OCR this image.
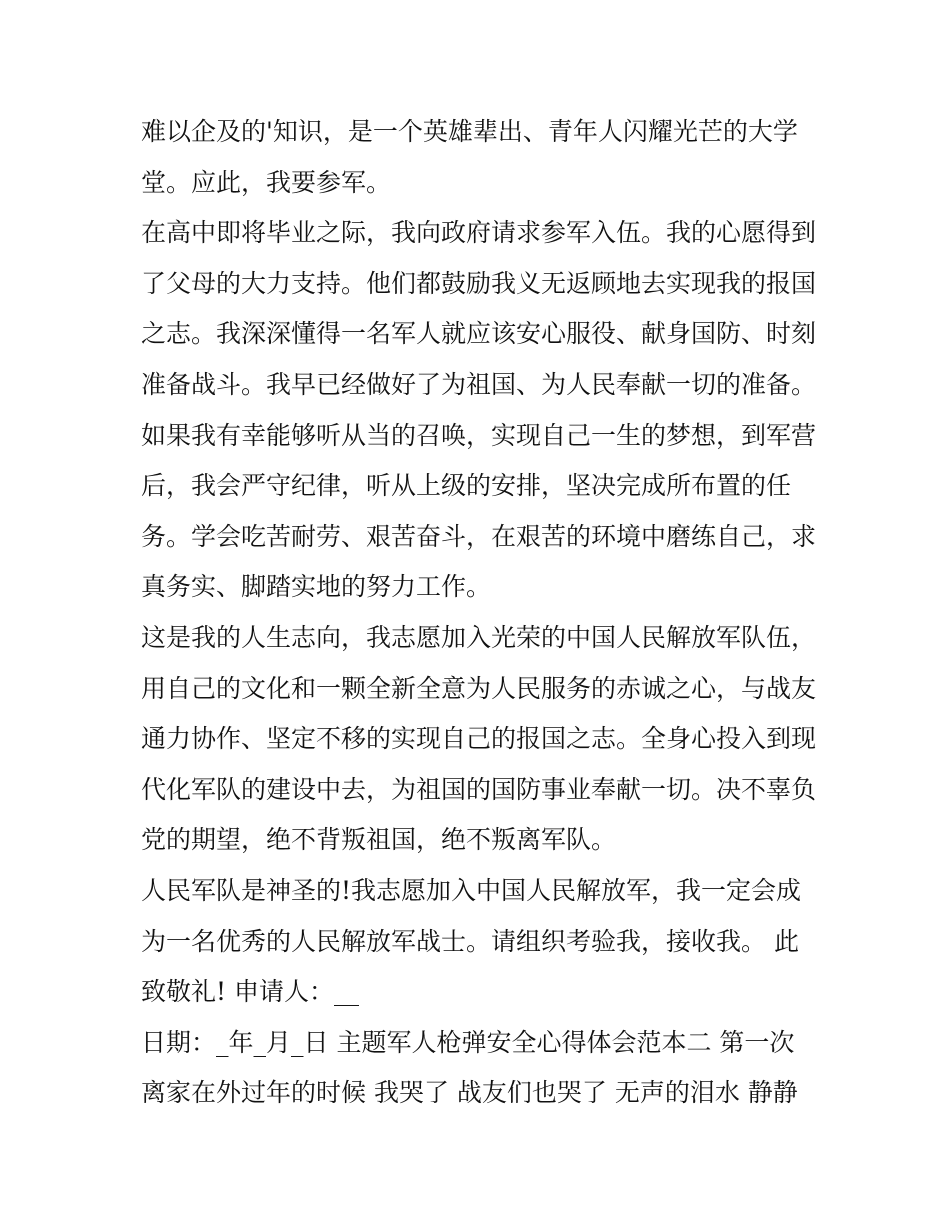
难以企及的'知识，是一个英雄辈出、青年人闪耀光芒的大学
堂。应此，我要参军。
在高中即将毕业之际，我向政府请求参军入伍。我的心愿得到
了父母的大力支持。他们都鼓励我义无返顾地去实现我的报国
之志。我深深懂得一名军人就应该安心服役、献身国防、时刻
准备战斗。我早已经做好了为祖国、为人民奉献一切的准备。
如果我有幸能够听从当的召唤，实现自己一生的梦想，到军营
后，我会严守纪律，听从上级的安排，坚决完成所布置的任
务。学会吃苦耐劳、艰苦奋斗，在艰苦的环境中磨练自己，求
真务实、脚踏实地的努力工作。
这是我的人生志向，我志愿加入光荣的中国人民解放军队伍，
用自己的文化和一颗全新全意为人民服务的赤诚之心，与战友
通力协作、坚定不移的实现自己的报国之志。全身心投入到现
代化军队的建设中去，为祖国的国防事业奉献一切。决不辜负
党的期望，绝不背叛祖国，绝不叛离军队。
人民军队是神圣的!我志愿加入中国人民解放军，我一定会成
为一名优秀的人民解放军战士。请组织考验我，接收我。 此
致敬礼! 申请人：__
日期：_年_月_日 主题军人枪弹安全心得体会范本二 第一次
离家在外过年的时候 我哭了 战友们也哭了 无声的泪水 静静
